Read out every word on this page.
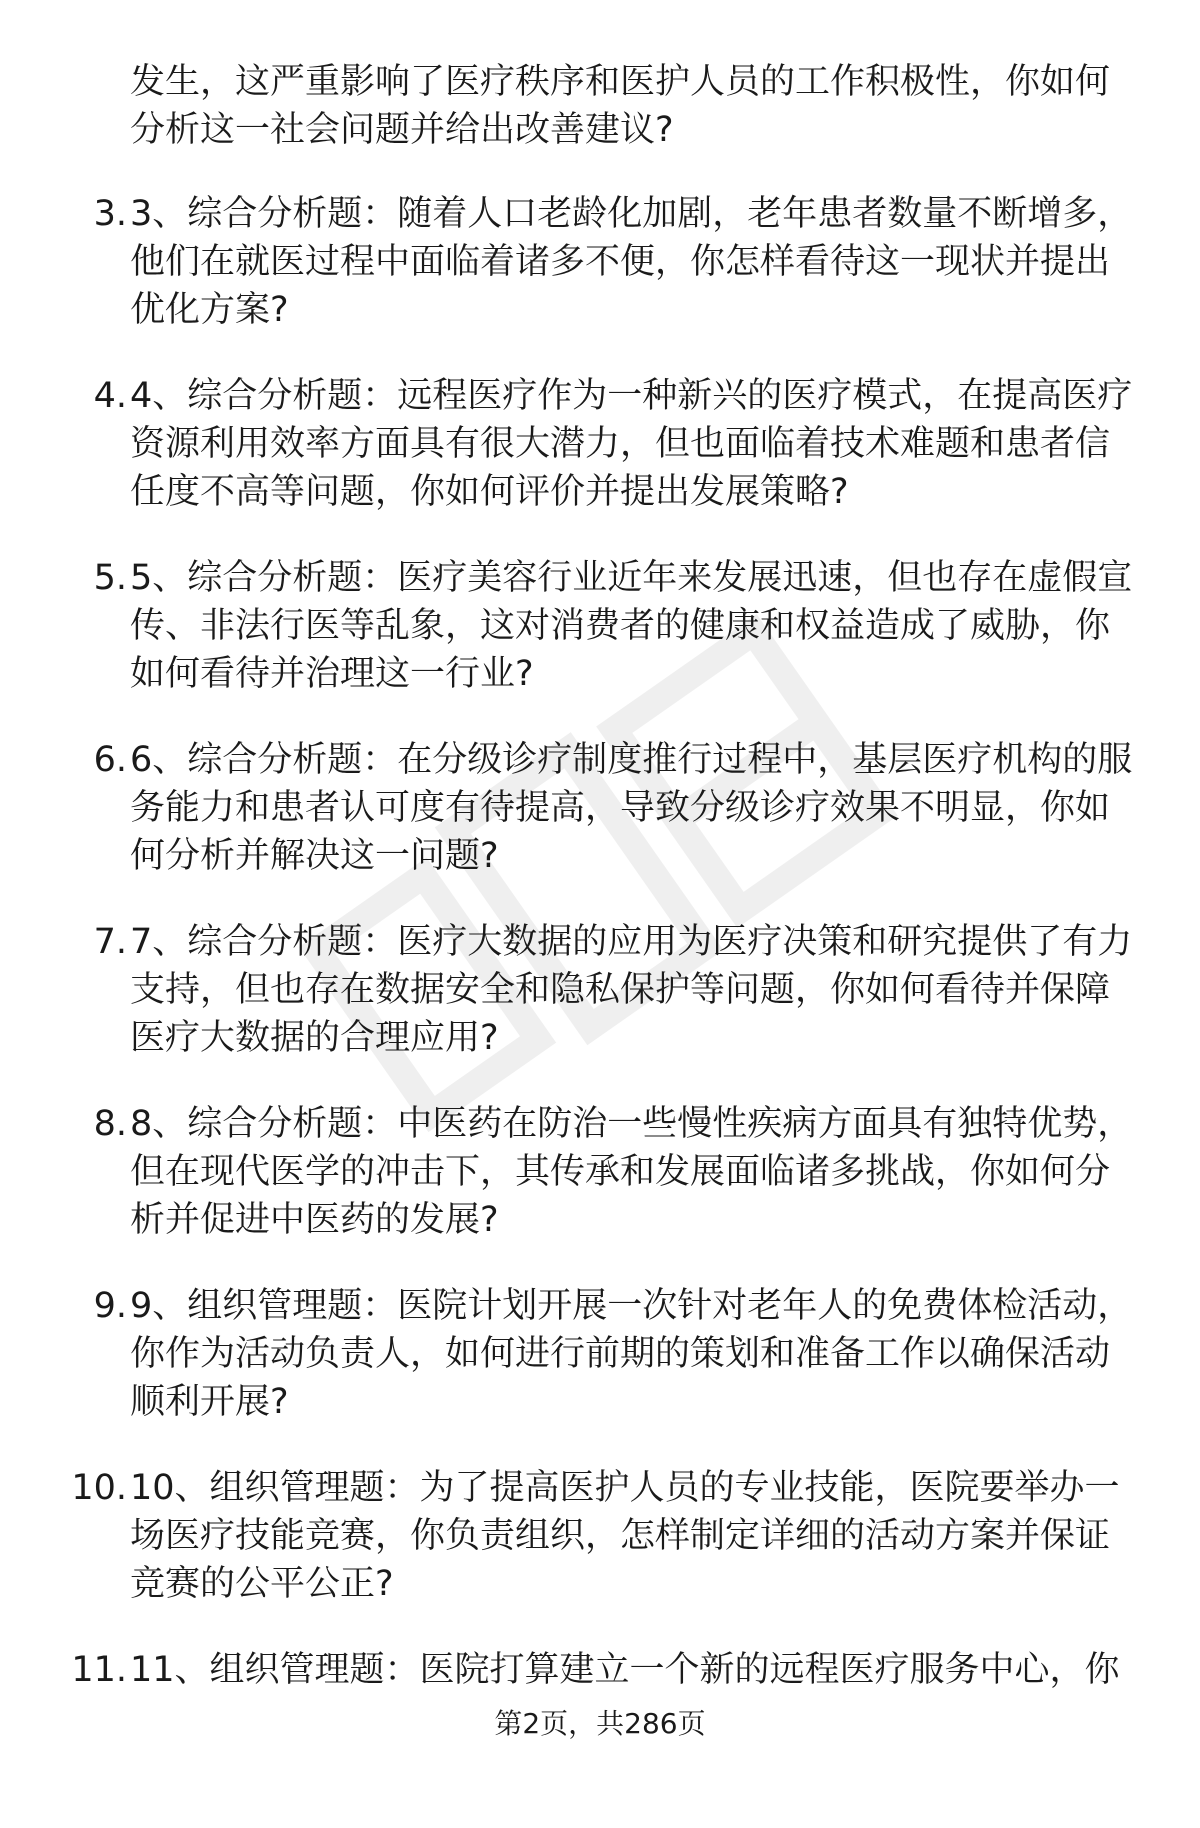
发生，这严重影响了医疗秩序和医护人员的工作积极性，你如何
分析这一社会问题并给出改善建议?
3. 3、综合分析题：随着人口老龄化加剧，老年患者数量不断增多，
他们在就医过程中面临着诸多不便，你怎样看待这一现状并提出
优化方案?
4. 4、综合分析题：远程医疗作为一种新兴的医疗模式，在提高医疗
资源利用效率方面具有很大潜力，但也面临着技术难题和患者信
任度不高等问题，你如何评价并提出发展策略?
5. 5、综合分析题：医疗美容行业近年来发展迅速，但也存在虚假宣
传、非法行医等乱象，这对消费者的健康和权益造成了威胁，你
如何看待并治理这一行业?
6. 6、综合分析题：在分级诊疗制度推行过程中，基层医疗机构的服
务能力和患者认可度有待提高，导致分级诊疗效果不明显，你如
何分析并解决这一问题?
7. 7、综合分析题：医疗大数据的应用为医疗决策和研究提供了有力
支持，但也存在数据安全和隐私保护等问题，你如何看待并保障
医疗大数据的合理应用?
8. 8、综合分析题：中医药在防治一些慢性疾病方面具有独特优势，
但在现代医学的冲击下，其传承和发展面临诸多挑战，你如何分
析并促进中医药的发展?
9. 9、组织管理题：医院计划开展一次针对老年人的免费体检活动，
你作为活动负责人，如何进行前期的策划和准备工作以确保活动
顺利开展?
10. 10、组织管理题：为了提高医护人员的专业技能，医院要举办一
场医疗技能竞赛，你负责组织，怎样制定详细的活动方案并保证
竞赛的公平公正?
11. 11、组织管理题：医院打算建立一个新的远程医疗服务中心，你
第2页，共286页
